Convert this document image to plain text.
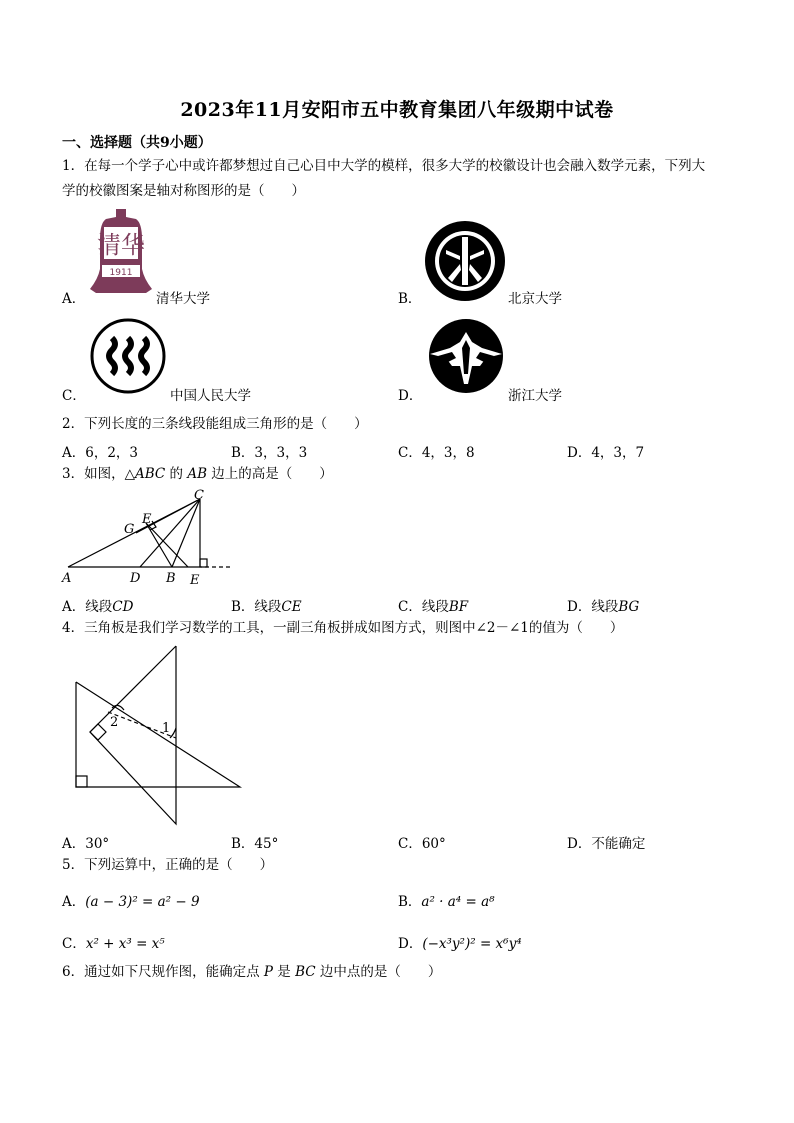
2023年11月安阳市五中教育集团八年级期中试卷
一、选择题（共9小题）
1．在每一个学子心中或许都梦想过自己心目中大学的模样，很多大学的校徽设计也会融入数学元素，下列大
学的校徽图案是轴对称图形的是（　　）
清华
1911
A．	清华大学	B．	北京大学
C．	中国人民大学	D．	浙江大学
2．下列长度的三条线段能组成三角形的是（　　）
A．6，2，3	B．3，3，3	C．4，3，8	D．4，3，7
3．如图，△ABC 的 AB 边上的高是（　　）
A	D B E
C
E
G
A．线段CD	B．线段CE	C．线段BF	D．线段BG
4．三角板是我们学习数学的工具，一副三角板拼成如图方式，则图中∠2－∠1的值为（　　）
2	1
A．30°	B．45°	C．60°	D．不能确定
5．下列运算中，正确的是（　　）
A．(a − 3)² = a² − 9	B．a² · a⁴ = a⁸
C．x² + x³ = x⁵	D．(−x³y²)² = x⁶y⁴
6．通过如下尺规作图，能确定点 P 是 BC 边中点的是（　　）
